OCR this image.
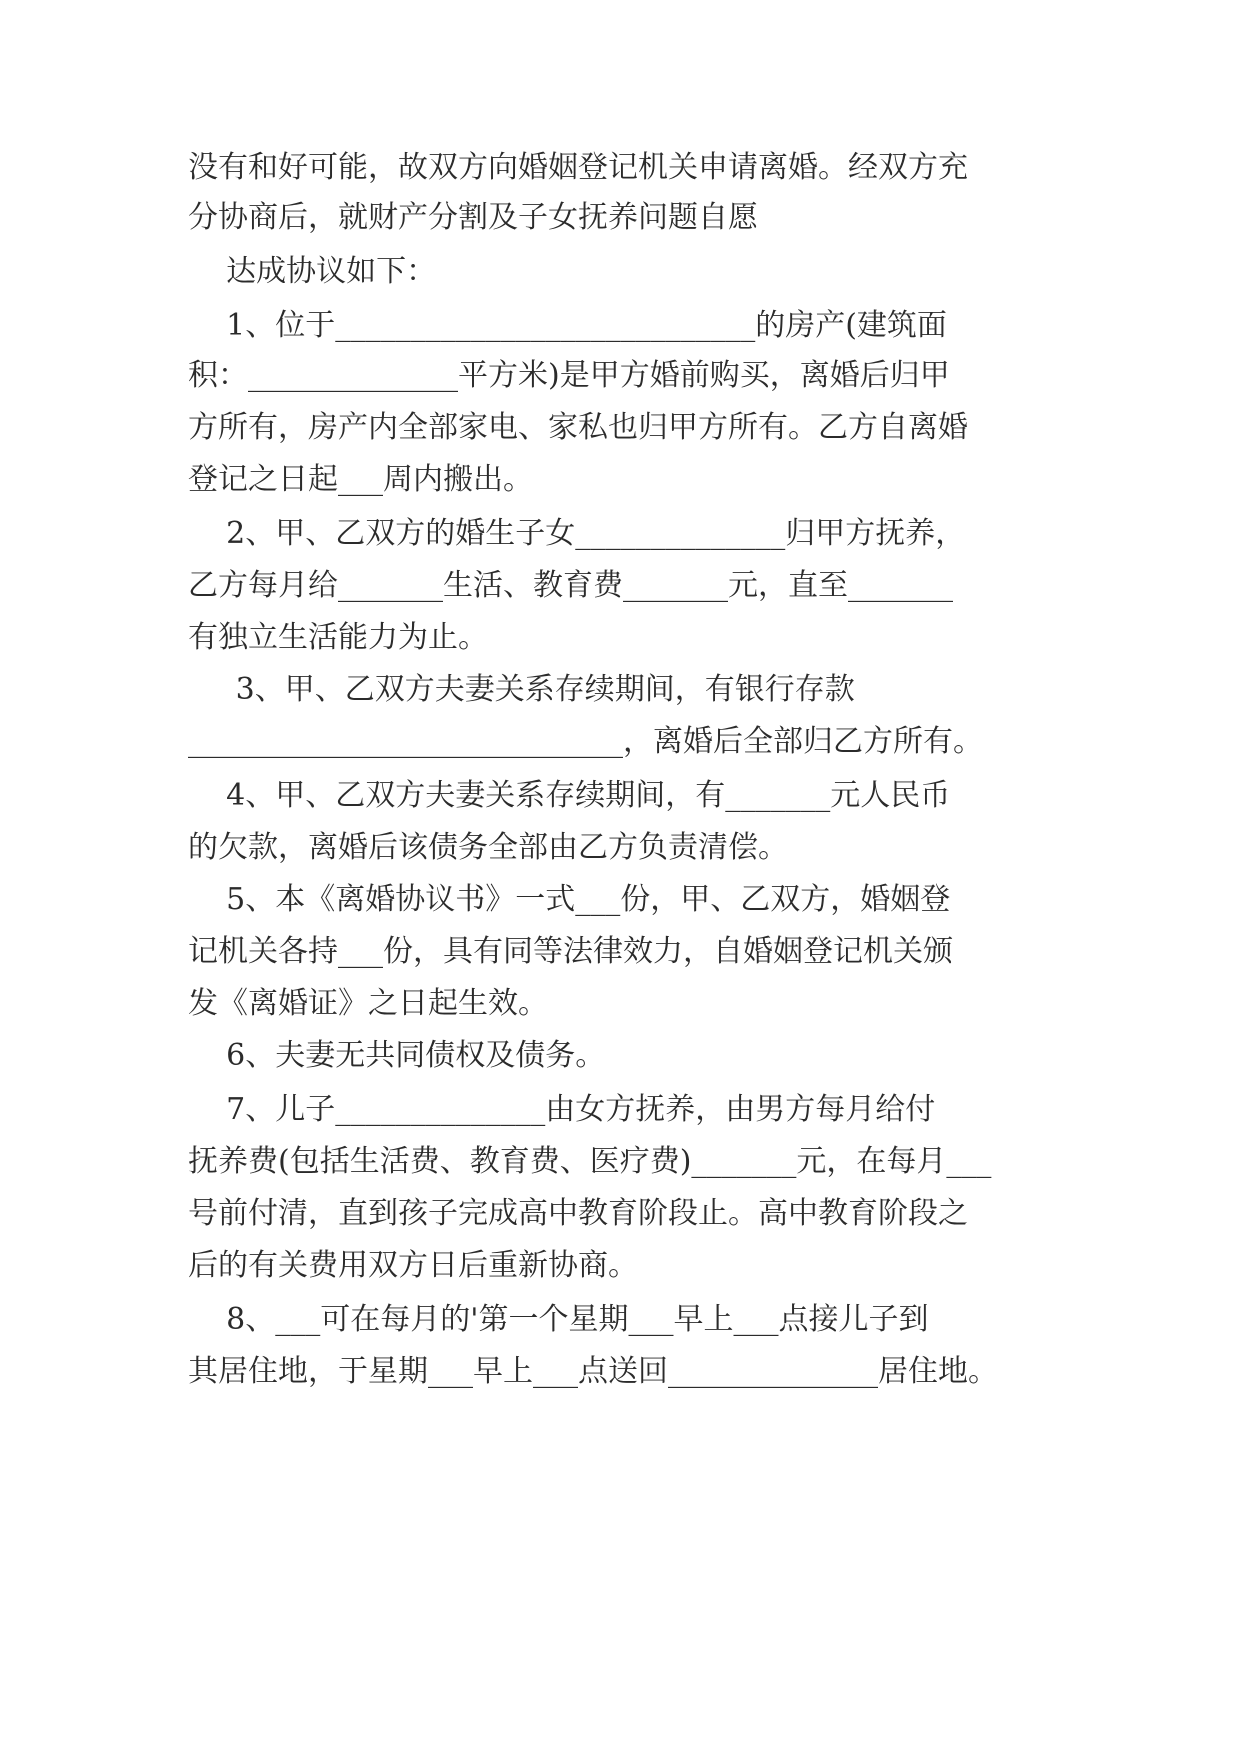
没有和好可能，故双方向婚姻登记机关申请离婚。经双方充

分协商后，就财产分割及子女抚养问题自愿

达成协议如下：

1、位于____________________________的房产(建筑面

积：______________平方米)是甲方婚前购买，离婚后归甲

方所有，房产内全部家电、家私也归甲方所有。乙方自离婚

登记之日起___周内搬出。

2、甲、乙双方的婚生子女______________归甲方抚养，

乙方每月给_______生活、教育费_______元，直至_______

有独立生活能力为止。

3、甲、乙双方夫妻关系存续期间，有银行存款

_____________________________，离婚后全部归乙方所有。

4、甲、乙双方夫妻关系存续期间，有_______元人民币

的欠款，离婚后该债务全部由乙方负责清偿。

5、本《离婚协议书》一式___份，甲、乙双方，婚姻登

记机关各持___份，具有同等法律效力，自婚姻登记机关颁

发《离婚证》之日起生效。

6、夫妻无共同债权及债务。

7、儿子______________由女方抚养，由男方每月给付

抚养费(包括生活费、教育费、医疗费)_______元，在每月___

号前付清，直到孩子完成高中教育阶段止。高中教育阶段之

后的有关费用双方日后重新协商。

8、___可在每月的'第一个星期___早上___点接儿子到

其居住地，于星期___早上___点送回______________居住地。
